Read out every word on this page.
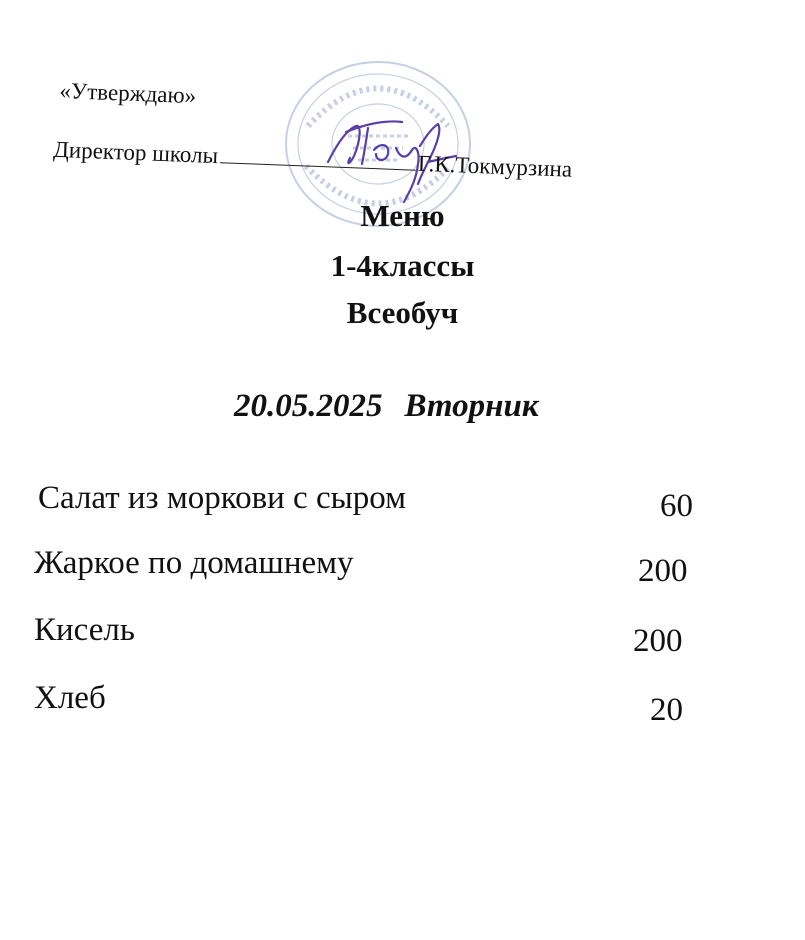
«Утверждаю»
Директор школы	Г.К.Токмурзина
Меню
1-4классы
Всеобуч
20.05.2025 Вторник
Салат из моркови с сыром	60
Жаркое по домашнему	200
Кисель	200
Хлеб	20
